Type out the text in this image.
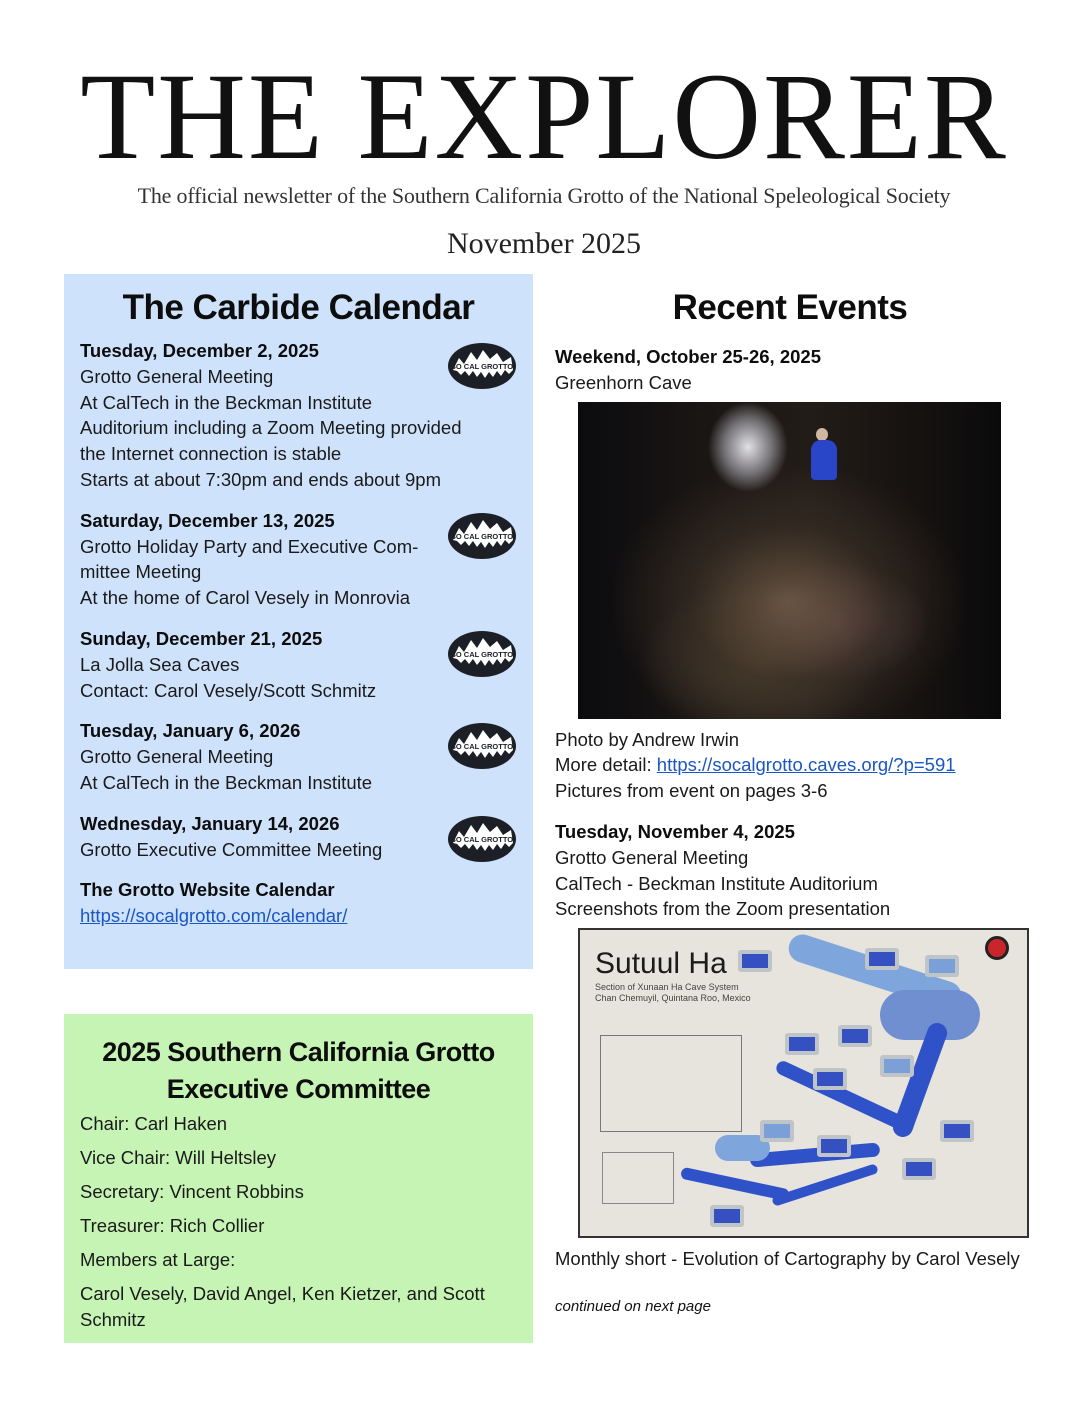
THE EXPLORER
The official newsletter of the Southern California Grotto of the National Speleological Society
November 2025
The Carbide Calendar
Tuesday, December 2, 2025
Grotto General Meeting
At CalTech in the Beckman Institute
Auditorium including a Zoom Meeting provided
the Internet connection is stable
Starts at about 7:30pm and ends about 9pm
SO CAL GROTTO
Saturday, December 13, 2025
Grotto Holiday Party and Executive Com-
mittee Meeting
At the home of Carol Vesely in Monrovia
SO CAL GROTTO
Sunday, December 21, 2025
La Jolla Sea Caves
Contact: Carol Vesely/Scott Schmitz
SO CAL GROTTO
Tuesday, January 6, 2026
Grotto General Meeting
At CalTech in the Beckman Institute
SO CAL GROTTO
Wednesday, January 14, 2026
Grotto Executive Committee Meeting	SO CAL GROTTO
The Grotto Website Calendar
https://socalgrotto.com/calendar/
2025 Southern California Grotto
Executive Committee
Chair: Carl Haken
Vice Chair: Will Heltsley
Secretary: Vincent Robbins
Treasurer: Rich Collier
Members at Large:
Carol Vesely, David Angel, Ken Kietzer, and Scott Schmitz
Recent Events
Weekend, October 25-26, 2025
Greenhorn Cave
Photo by Andrew Irwin
More detail: https://socalgrotto.caves.org/?p=591
Pictures from event on pages 3-6
Tuesday, November 4, 2025
Grotto General Meeting
CalTech - Beckman Institute Auditorium
Screenshots from the Zoom presentation
Sutuul Ha
Section of Xunaan Ha Cave System
Chan Chemuyil, Quintana Roo, Mexico
Monthly short - Evolution of Cartography by Carol Vesely
continued on next page
